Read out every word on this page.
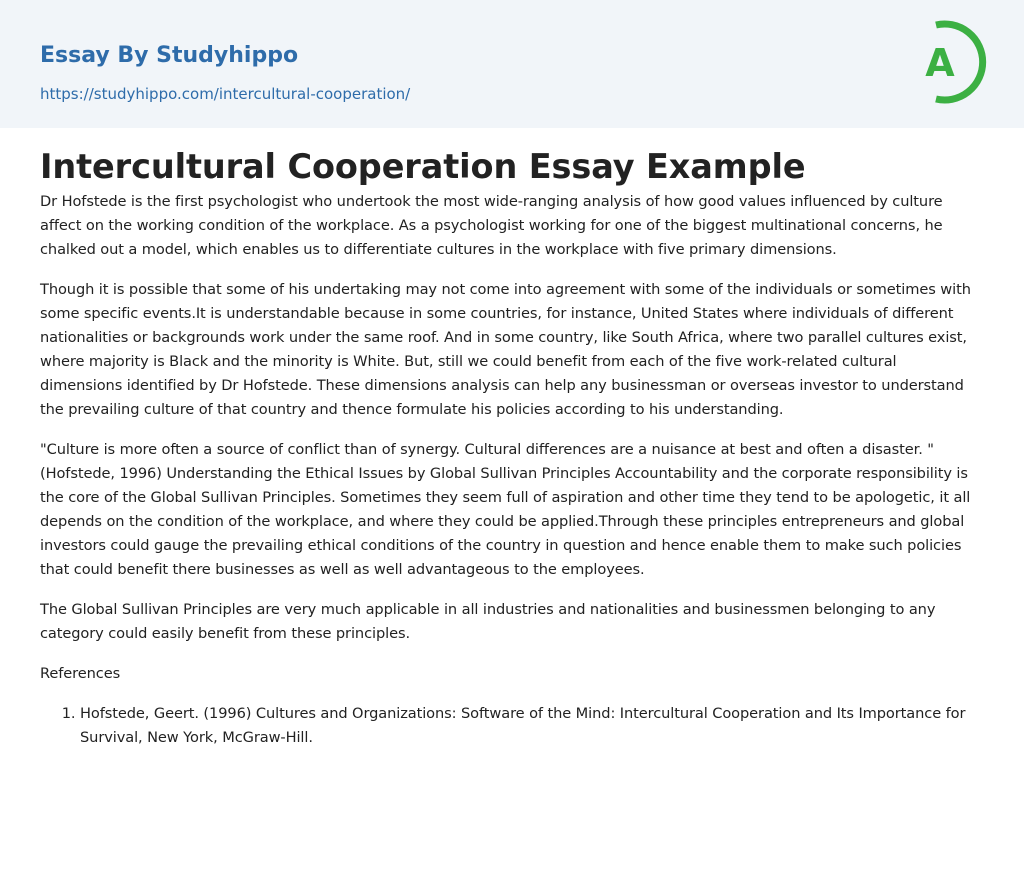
Essay By Studyhippo
https://studyhippo.com/intercultural-cooperation/
A
Intercultural Cooperation Essay Example

Dr Hofstede is the first psychologist who undertook the most wide-ranging analysis of how good values influenced by culture affect on the working condition of the workplace. As a psychologist working for one of the biggest multinational concerns, he chalked out a model, which enables us to differentiate cultures in the workplace with five primary dimensions.

Though it is possible that some of his undertaking may not come into agreement with some of the individuals or sometimes with some specific events.It is understandable because in some countries, for instance, United States where individuals of different nationalities or backgrounds work under the same roof. And in some country, like South Africa, where two parallel cultures exist, where majority is Black and the minority is White. But, still we could benefit from each of the five work-related cultural dimensions identified by Dr Hofstede. These dimensions analysis can help any businessman or overseas investor to understand the prevailing culture of that country and thence formulate his policies according to his understanding.

"Culture is more often a source of conflict than of synergy. Cultural differences are a nuisance at best and often a disaster. " (Hofstede, 1996) Understanding the Ethical Issues by Global Sullivan Principles Accountability and the corporate responsibility is the core of the Global Sullivan Principles. Sometimes they seem full of aspiration and other time they tend to be apologetic, it all depends on the condition of the workplace, and where they could be applied.Through these principles entrepreneurs and global investors could gauge the prevailing ethical conditions of the country in question and hence enable them to make such policies that could benefit there businesses as well as well advantageous to the employees.

The Global Sullivan Principles are very much applicable in all industries and nationalities and businessmen belonging to any category could easily benefit from these principles.

References

1. Hofstede, Geert. (1996) Cultures and Organizations: Software of the Mind: Intercultural Cooperation and Its Importance for Survival, New York, McGraw-Hill.
